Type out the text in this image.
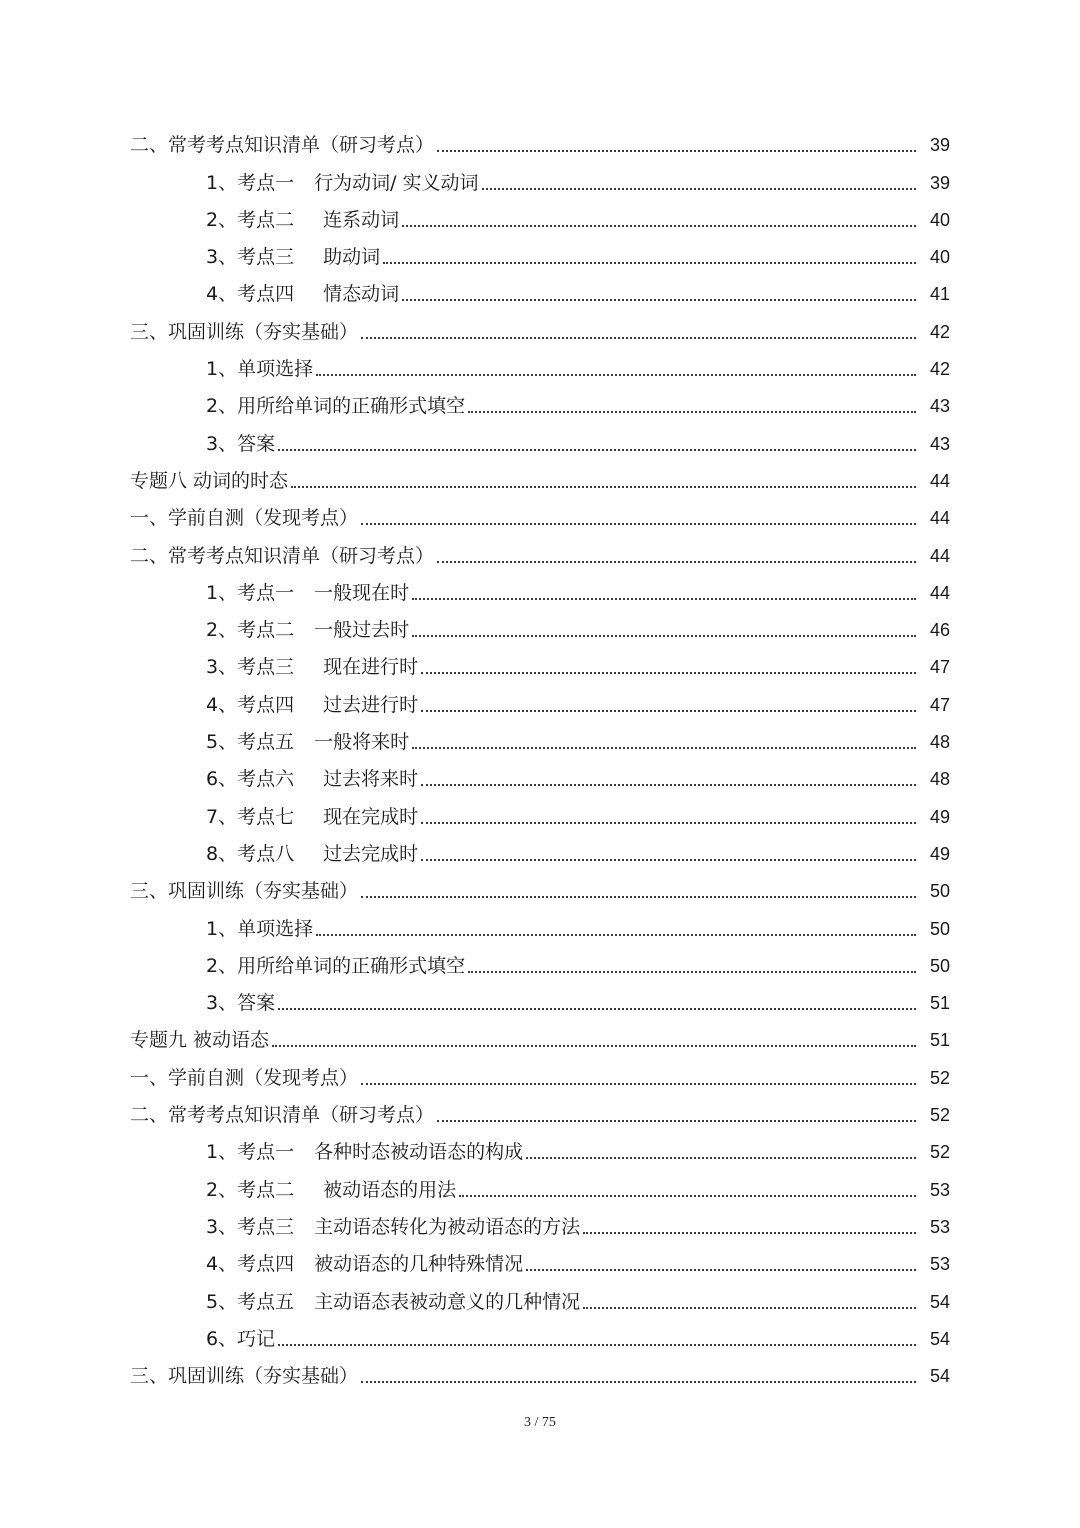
二、常考考点知识清单（研习考点）	39
1、考点一 行为动词/ 实义动词	39
2、考点二 连系动词	40
3、考点三 助动词	40
4、考点四 情态动词	41
三、巩固训练（夯实基础）	42
1、单项选择	42
2、用所给单词的正确形式填空	43
3、答案	43
专题八 动词的时态	44
一、学前自测（发现考点）	44
二、常考考点知识清单（研习考点）	44
1、考点一 一般现在时	44
2、考点二 一般过去时	46
3、考点三 现在进行时	47
4、考点四 过去进行时	47
5、考点五 一般将来时	48
6、考点六 过去将来时	48
7、考点七 现在完成时	49
8、考点八 过去完成时	49
三、巩固训练（夯实基础）	50
1、单项选择	50
2、用所给单词的正确形式填空	50
3、答案	51
专题九 被动语态	51
一、学前自测（发现考点）	52
二、常考考点知识清单（研习考点）	52
1、考点一 各种时态被动语态的构成	52
2、考点二 被动语态的用法	53
3、考点三 主动语态转化为被动语态的方法	53
4、考点四 被动语态的几种特殊情况	53
5、考点五 主动语态表被动意义的几种情况	54
6、巧记	54
三、巩固训练（夯实基础）	54
3 / 75
